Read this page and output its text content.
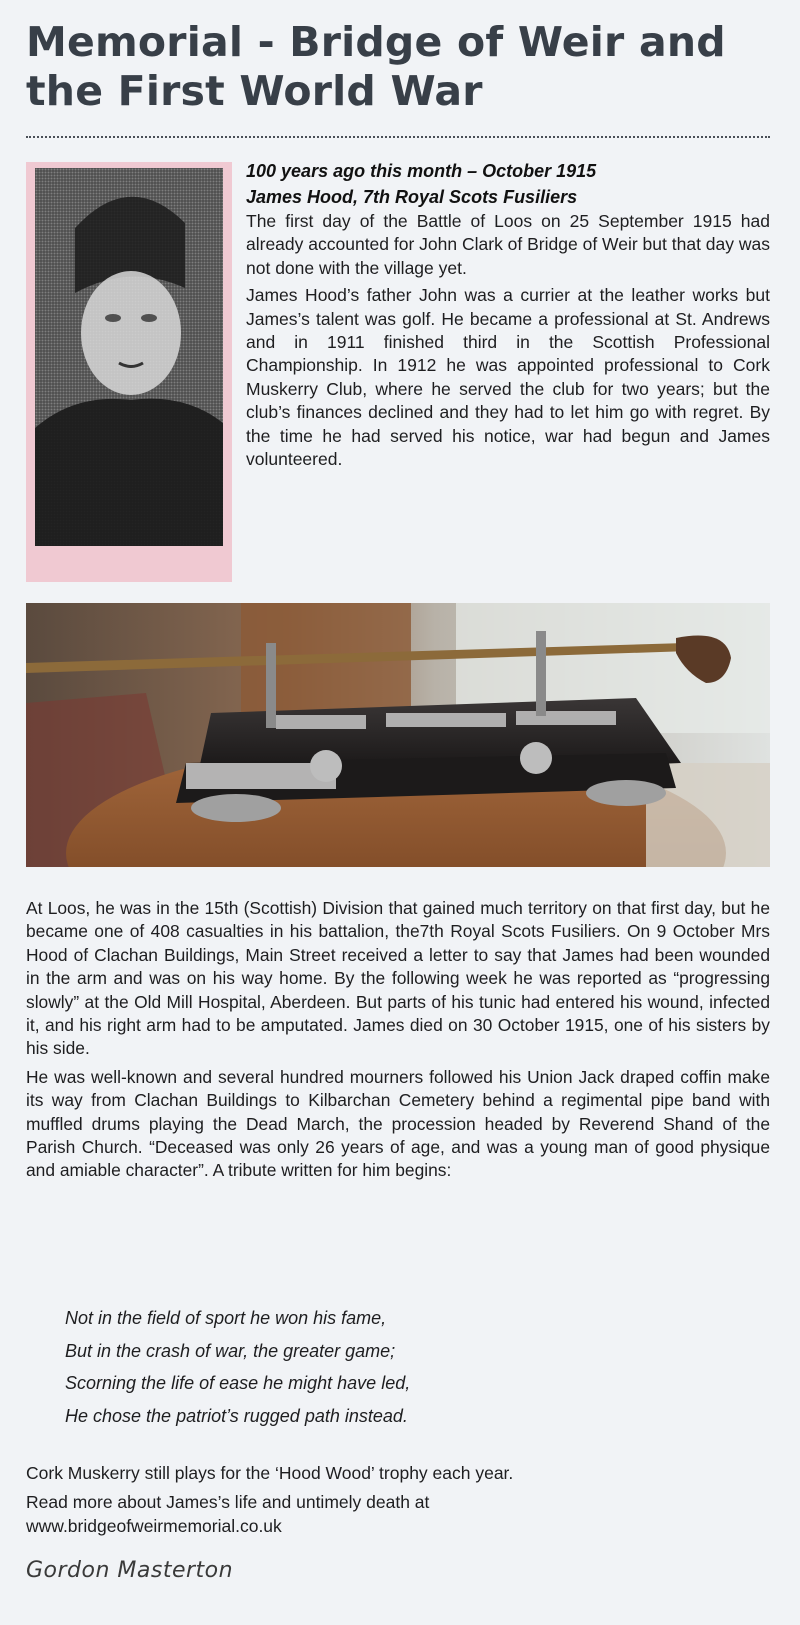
Memorial - Bridge of Weir and
the First World War
100 years ago this month – October 1915
James Hood, 7th Royal Scots Fusiliers

The first day of the Battle of Loos on 25 September 1915 had already accounted for John Clark of Bridge of Weir but that day was not done with the village yet.

James Hood’s father John was a currier at the leather works but James’s talent was golf. He became a professional at St. Andrews and in 1911 finished third in the Scottish Professional Championship. In 1912 he was appointed professional to Cork Muskerry Club, where he served the club for two years; but the club’s finances declined and they had to let him go with regret. By the time he had served his notice, war had begun and James volunteered.

At Loos, he was in the 15th (Scottish) Division that gained much territory on that first day, but he became one of 408 casualties in his battalion, the7th Royal Scots Fusiliers. On 9 October Mrs Hood of Clachan Buildings, Main Street received a letter to say that James had been wounded in the arm and was on his way home. By the following week he was reported as “progressing slowly” at the Old Mill Hospital, Aberdeen. But parts of his tunic had entered his wound, infected it, and his right arm had to be amputated. James died on 30 October 1915, one of his sisters by his side.

He was well-known and several hundred mourners followed his Union Jack draped coffin make its way from Clachan Buildings to Kilbarchan Cemetery behind a regimental pipe band with muffled drums playing the Dead March, the procession headed by Reverend Shand of the Parish Church. “Deceased was only 26 years of age, and was a young man of good physique and amiable character”. A tribute written for him begins:

Not in the field of sport he won his fame,
But in the crash of war, the greater game;
Scorning the life of ease he might have led,
He chose the patriot’s rugged path instead.

Cork Muskerry still plays for the ‘Hood Wood’ trophy each year.

Read more about James’s life and untimely death at
www.bridgeofweirmemorial.co.uk

Gordon Masterton
